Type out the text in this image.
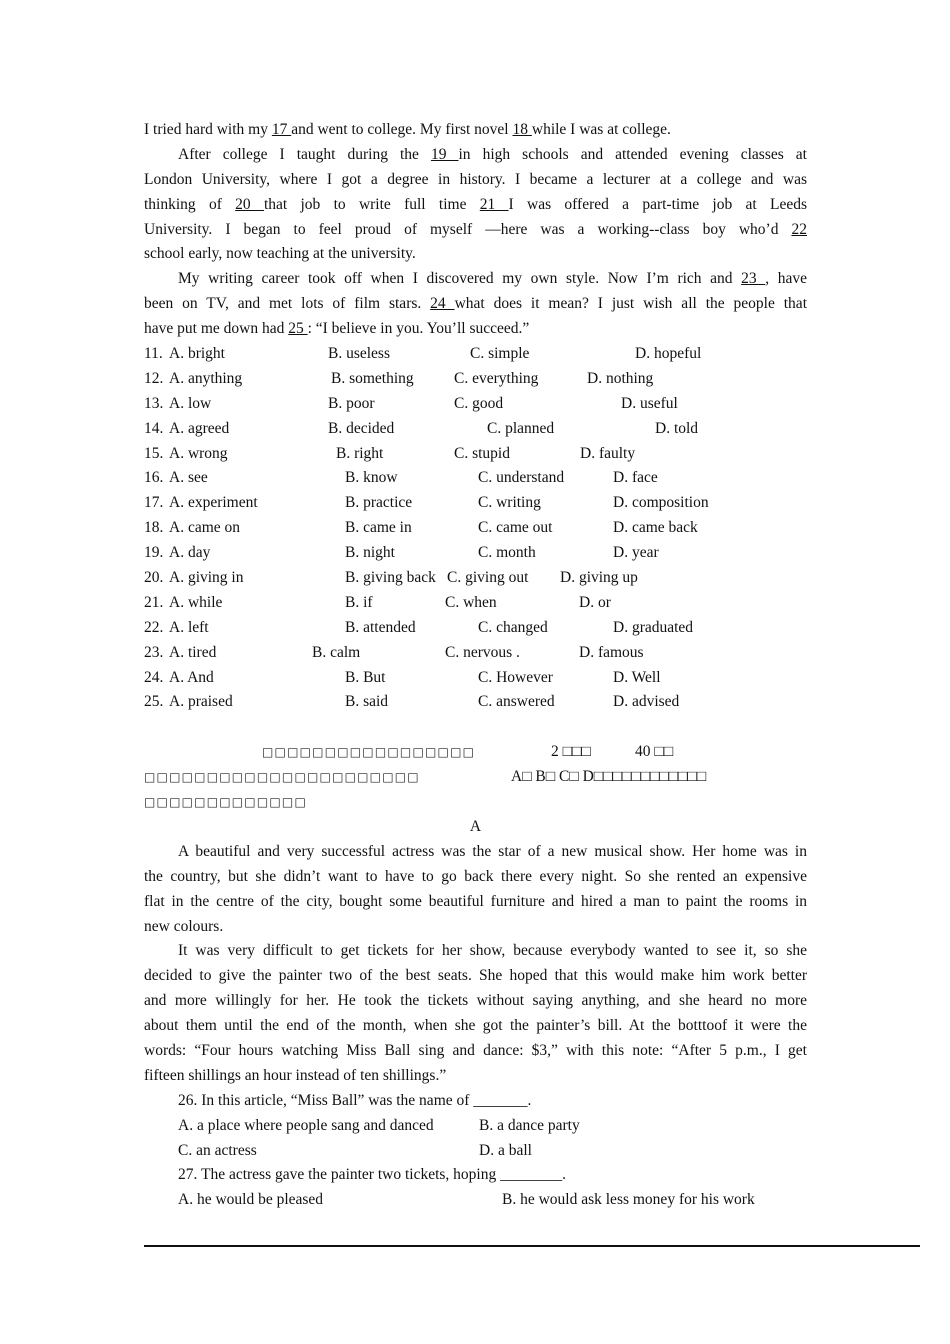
I tried hard with my 17 and went to college. My first novel 18 while I was at college.
After college I taught during the 19 in high schools and attended evening classes at
London University, where I got a degree in history. I became a lecturer at a college and was
thinking of 20 that job to write full time 21 I was offered a part-time job at Leeds
University. I began to feel proud of myself —here was a working--class boy who’d 22
school early, now teaching at the university.
My writing career took off when I discovered my own style. Now I’m rich and 23 , have
been on TV, and met lots of film stars. 24 what does it mean? I just wish all the people that
have put me down had 25 : “I believe in you. You’ll succeed.”
11. A. bright	B. useless	C. simple	D. hopeful
12. A. anything	B. something	C. everything	D. nothing
13. A. low	B. poor	C. good	D. useful
14. A. agreed	B. decided	C. planned	D. told
15. A. wrong	B. right	C. stupid	D. faulty
16. A. see	B. know	C. understand	D. face
17. A. experiment	B. practice	C. writing	D. composition
18. A. came on	B. came in	C. came out	D. came back
19. A. day	B. night	C. month	D. year
20. A. giving in	B. giving back C. giving out D. giving up
21. A. while	B. if	C. when	D. or
22. A. left	B. attended	C. changed	D. graduated
23. A. tired	B. calm	C. nervous .	D. famous
24. A. And	B. But	C. However	D. Well
25. A. praised	B. said	C. answered	D. advised
□□□□□□□□□□□□□□□□□	2 □□□	40 □□
□□□□□□□□□□□□□□□□□□□□□□	A□ B□ C□ D□□□□□□□□□□□□
□□□□□□□□□□□□□
A
A beautiful and very successful actress was the star of a new musical show. Her home was in
the country, but she didn’t want to have to go back there every night. So she rented an expensive
flat in the centre of the city, bought some beautiful furniture and hired a man to paint the rooms in
new colours.
It was very difficult to get tickets for her show, because everybody wanted to see it, so she
decided to give the painter two of the best seats. She hoped that this would make him work better
and more willingly for her. He took the tickets without saying anything, and she heard no more
about them until the end of the month, when she got the painter’s bill. At the botttoof it were the
words: “Four hours watching Miss Ball sing and dance: $3,” with this note: “After 5 p.m., I get
fifteen shillings an hour instead of ten shillings.”
26. In this article, “Miss Ball” was the name of _______.
A. a place where people sang and danced	B. a dance party
C. an actress	D. a ball
27. The actress gave the painter two tickets, hoping ________.
A. he would be pleased	B. he would ask less money for his work
